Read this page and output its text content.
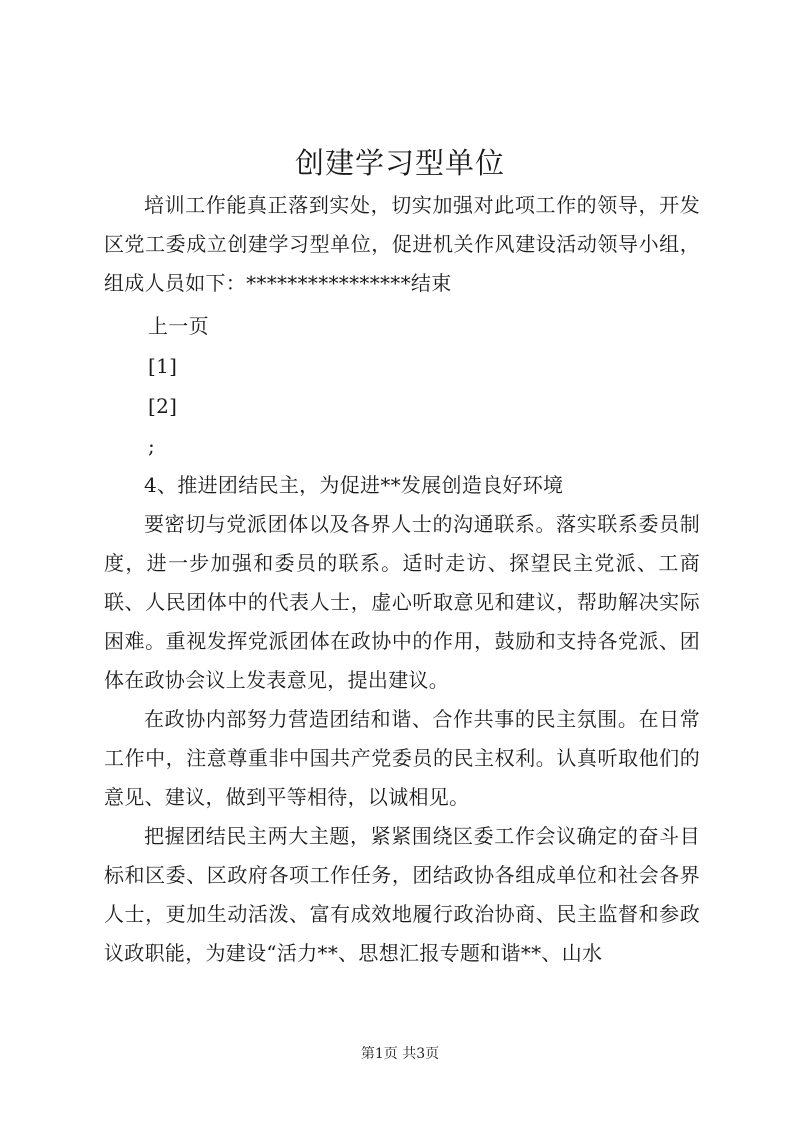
创建学习型单位

培训工作能真正落到实处，切实加强对此项工作的领导，开发区党工委成立创建学习型单位，促进机关作风建设活动领导小组，组成人员如下：****************结束

上一页
[1]
[2]
;

4、推进团结民主，为促进**发展创造良好环境

要密切与党派团体以及各界人士的沟通联系。落实联系委员制度，进一步加强和委员的联系。适时走访、探望民主党派、工商联、人民团体中的代表人士，虚心听取意见和建议，帮助解决实际困难。重视发挥党派团体在政协中的作用，鼓励和支持各党派、团体在政协会议上发表意见，提出建议。

在政协内部努力营造团结和谐、合作共事的民主氛围。在日常工作中，注意尊重非中国共产党委员的民主权利。认真听取他们的意见、建议，做到平等相待，以诚相见。

把握团结民主两大主题，紧紧围绕区委工作会议确定的奋斗目标和区委、区政府各项工作任务，团结政协各组成单位和社会各界人士，更加生动活泼、富有成效地履行政治协商、民主监督和参政议政职能，为建设“活力**、思想汇报专题和谐**、山水

第1页 共3页
